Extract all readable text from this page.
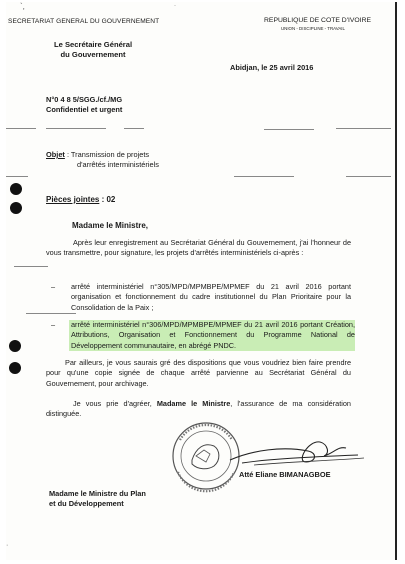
`,	·
SECRETARIAT GENERAL DU GOUVERNEMENT	REPUBLIQUE DE COTE D'IVOIRE
UNION - DISCIPLINE - TRAVAIL
Le Secrétaire Général
du Gouvernement
Abidjan, le 25 avril 2016
N°0 4 8 5/SGG./cf./MG
Confidentiel et urgent
Objet : Transmission de projets
d'arrêtés interministériels
Pièces jointes : 02
Madame le Ministre,
Après leur enregistrement au Secrétariat Général du Gouvernement, j'ai l'honneur de vous transmettre, pour signature, les projets d'arrêtés interministériels ci-après :
– arrêté interministériel n°305/MPD/MPMBPE/MPMEF du 21 avril 2016 portant organisation et fonctionnement du cadre institutionnel du Plan Prioritaire pour la Consolidation de la Paix ;
– arrêté interministériel n°306/MPD/MPMBPE/MPMEF du 21 avril 2016 portant Création, Attributions, Organisation et Fonctionnement du Programme National de Développement communautaire, en abrégé PNDC.
Par ailleurs, je vous saurais gré des dispositions que vous voudriez bien faire prendre pour qu'une copie signée de chaque arrêté parvienne au Secrétariat Général du Gouvernement, pour archivage.
Je vous prie d'agréer, Madame le Ministre, l'assurance de ma considération distinguée.
Atté Eliane BIMANAGBOE
Madame le Ministre du Plan
et du Développement
·
